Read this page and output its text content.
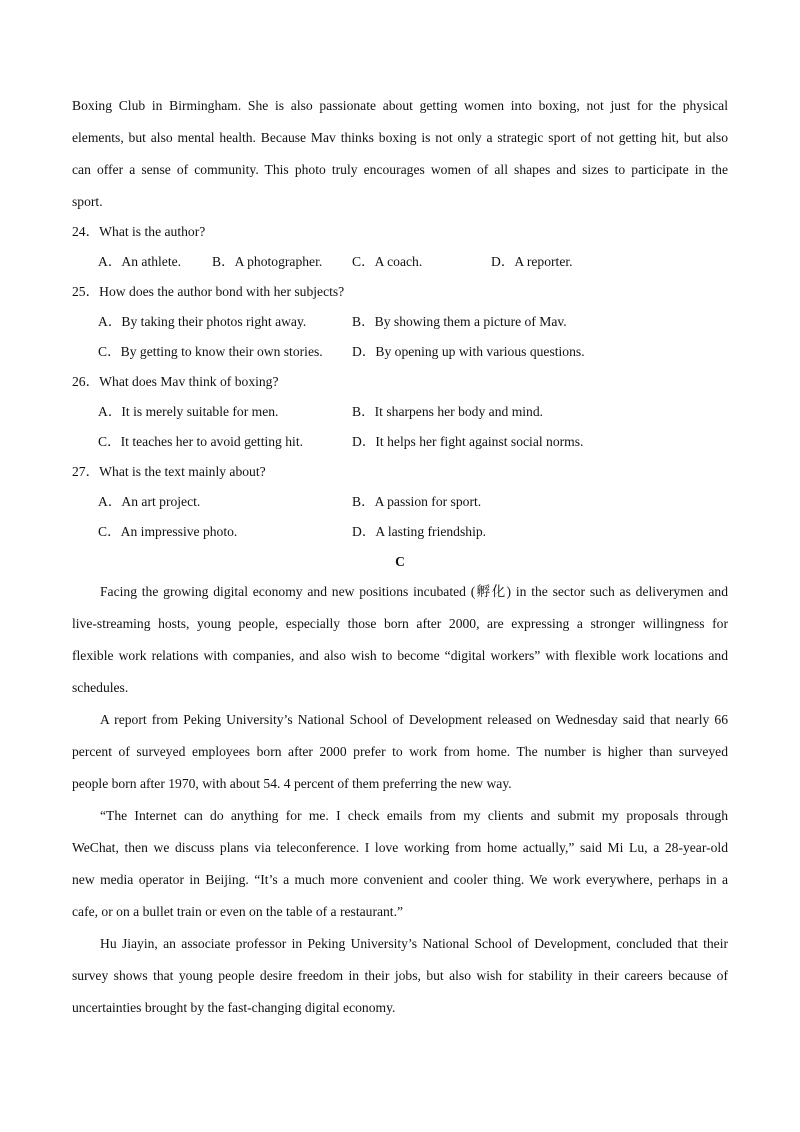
Boxing Club in Birmingham. She is also passionate about getting women into boxing, not just for the physical
elements, but also mental health. Because Mav thinks boxing is not only a strategic sport of not getting hit, but also
can offer a sense of community. This photo truly encourages women of all shapes and sizes to participate in the
sport.
24．What is the author?
A．An athlete. B．A photographer. C．A coach.	D．A reporter.
25．How does the author bond with her subjects?
A．By taking their photos right away.	B．By showing them a picture of Mav.
C．By getting to know their own stories. D．By opening up with various questions.
26．What does Mav think of boxing?
A．It is merely suitable for men.	B．It sharpens her body and mind.
C．It teaches her to avoid getting hit.	D．It helps her fight against social norms.
27．What is the text mainly about?
A．An art project.	B．A passion for sport.
C．An impressive photo.	D．A lasting friendship.
C
Facing the growing digital economy and new positions incubated (孵化) in the sector such as deliverymen and
live-streaming hosts, young people, especially those born after 2000, are expressing a stronger willingness for
flexible work relations with companies, and also wish to become “digital workers” with flexible work locations and
schedules.
A report from Peking University’s National School of Development released on Wednesday said that nearly 66
percent of surveyed employees born after 2000 prefer to work from home. The number is higher than surveyed
people born after 1970, with about 54. 4 percent of them preferring the new way.
“The Internet can do anything for me. I check emails from my clients and submit my proposals through
WeChat, then we discuss plans via teleconference. I love working from home actually,” said Mi Lu, a 28-year-old
new media operator in Beijing. “It’s a much more convenient and cooler thing. We work everywhere, perhaps in a
cafe, or on a bullet train or even on the table of a restaurant.”
Hu Jiayin, an associate professor in Peking University’s National School of Development, concluded that their
survey shows that young people desire freedom in their jobs, but also wish for stability in their careers because of
uncertainties brought by the fast-changing digital economy.
